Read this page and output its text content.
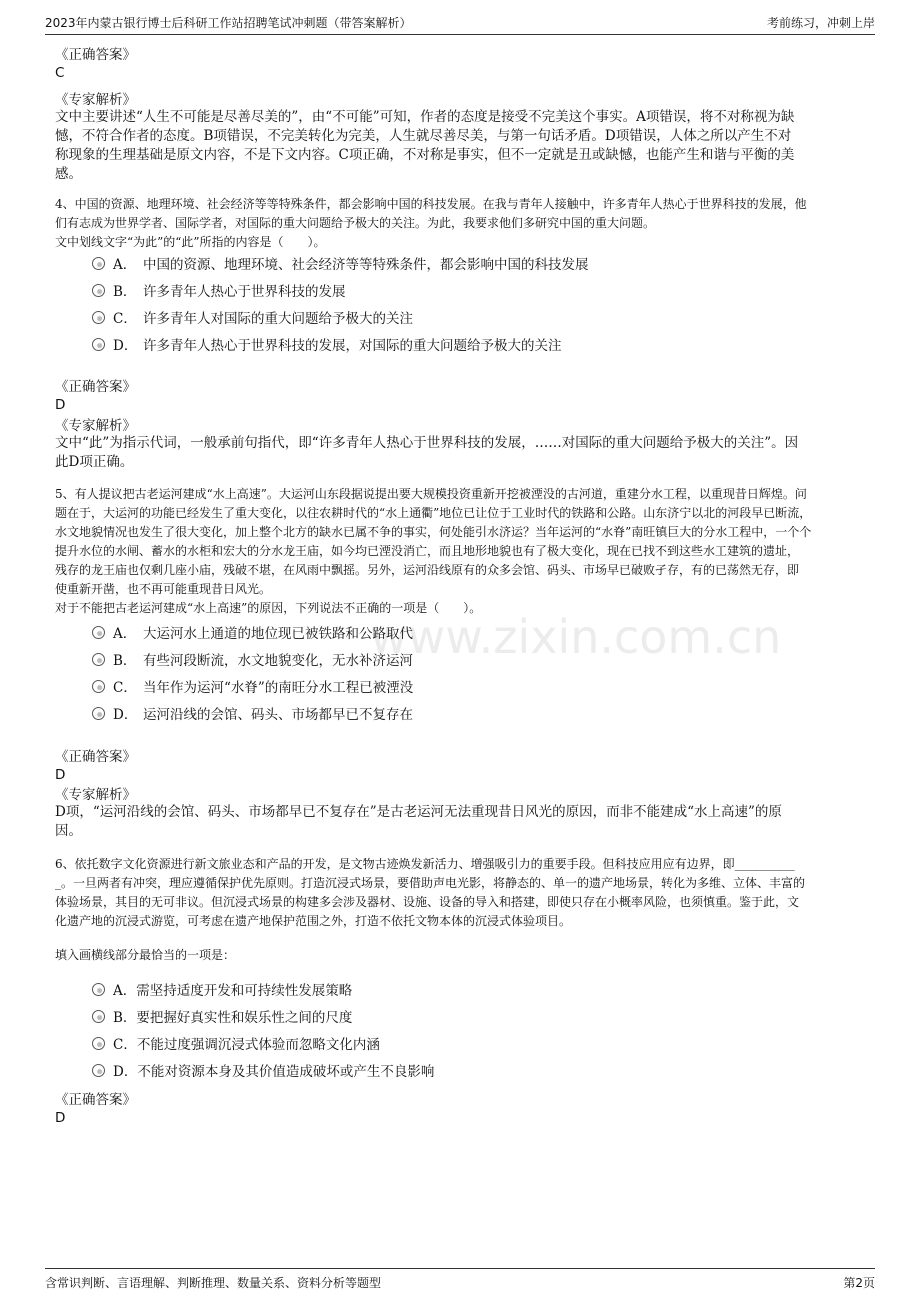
2023年内蒙古银行博士后科研工作站招聘笔试冲刺题（带答案解析）	考前练习，冲刺上岸
www.zixin.com.cn
《正确答案》
C
《专家解析》
文中主要讲述“人生不可能是尽善尽美的”，由“不可能”可知，作者的态度是接受不完美这个事实。A项错误，将不对称视为缺
憾，不符合作者的态度。B项错误，不完美转化为完美，人生就尽善尽美，与第一句话矛盾。D项错误，人体之所以产生不对
称现象的生理基础是原文内容，不是下文内容。C项正确，不对称是事实，但不一定就是丑或缺憾，也能产生和谐与平衡的美
感。
4、中国的资源、地理环境、社会经济等等特殊条件，都会影响中国的科技发展。在我与青年人接触中，许多青年人热心于世界科技的发展，他
们有志成为世界学者、国际学者，对国际的重大问题给予极大的关注。为此，我要求他们多研究中国的重大问题。
文中划线文字“为此”的“此”所指的内容是（　　）。
A． 中国的资源、地理环境、社会经济等等特殊条件，都会影响中国的科技发展
B． 许多青年人热心于世界科技的发展
C． 许多青年人对国际的重大问题给予极大的关注
D． 许多青年人热心于世界科技的发展，对国际的重大问题给予极大的关注
《正确答案》
D
《专家解析》
文中“此”为指示代词，一般承前句指代，即“许多青年人热心于世界科技的发展，……对国际的重大问题给予极大的关注”。因
此D项正确。
5、有人提议把古老运河建成“水上高速”。大运河山东段据说提出要大规模投资重新开挖被湮没的古河道，重建分水工程，以重现昔日辉煌。问
题在于，大运河的功能已经发生了重大变化，以往农耕时代的“水上通衢”地位已让位于工业时代的铁路和公路。山东济宁以北的河段早已断流，
水文地貌情况也发生了很大变化，加上整个北方的缺水已属不争的事实，何处能引水济运？当年运河的“水脊”南旺镇巨大的分水工程中，一个个
提升水位的水闸、蓄水的水柜和宏大的分水龙王庙，如今均已湮没消亡，而且地形地貌也有了极大变化，现在已找不到这些水工建筑的遗址，
残存的龙王庙也仅剩几座小庙，残破不堪，在风雨中飘摇。另外，运河沿线原有的众多会馆、码头、市场早已破败孑存，有的已荡然无存，即
使重新开凿，也不再可能重现昔日风光。
对于不能把古老运河建成“水上高速”的原因，下列说法不正确的一项是（　　）。
A． 大运河水上通道的地位现已被铁路和公路取代
B． 有些河段断流，水文地貌变化，无水补济运河
C． 当年作为运河“水脊”的南旺分水工程已被湮没
D． 运河沿线的会馆、码头、市场都早已不复存在
《正确答案》
D
《专家解析》
D项，“运河沿线的会馆、码头、市场都早已不复存在”是古老运河无法重现昔日风光的原因，而非不能建成“水上高速”的原
因。
6、依托数字文化资源进行新文旅业态和产品的开发，是文物古迹焕发新活力、增强吸引力的重要手段。但科技应用应有边界，即__________
_。一旦两者有冲突，理应遵循保护优先原则。打造沉浸式场景，要借助声电光影，将静态的、单一的遗产地场景，转化为多维、立体、丰富的
体验场景，其目的无可非议。但沉浸式场景的构建多会涉及器材、设施、设备的导入和搭建，即使只存在小概率风险，也须慎重。鉴于此，文
化遗产地的沉浸式游览，可考虑在遗产地保护范围之外，打造不依托文物本体的沉浸式体验项目。
填入画横线部分最恰当的一项是：
A．需坚持适度开发和可持续性发展策略
B．要把握好真实性和娱乐性之间的尺度
C．不能过度强调沉浸式体验而忽略文化内涵
D．不能对资源本身及其价值造成破坏或产生不良影响
《正确答案》
D
含常识判断、言语理解、判断推理、数量关系、资料分析等题型	第2页
